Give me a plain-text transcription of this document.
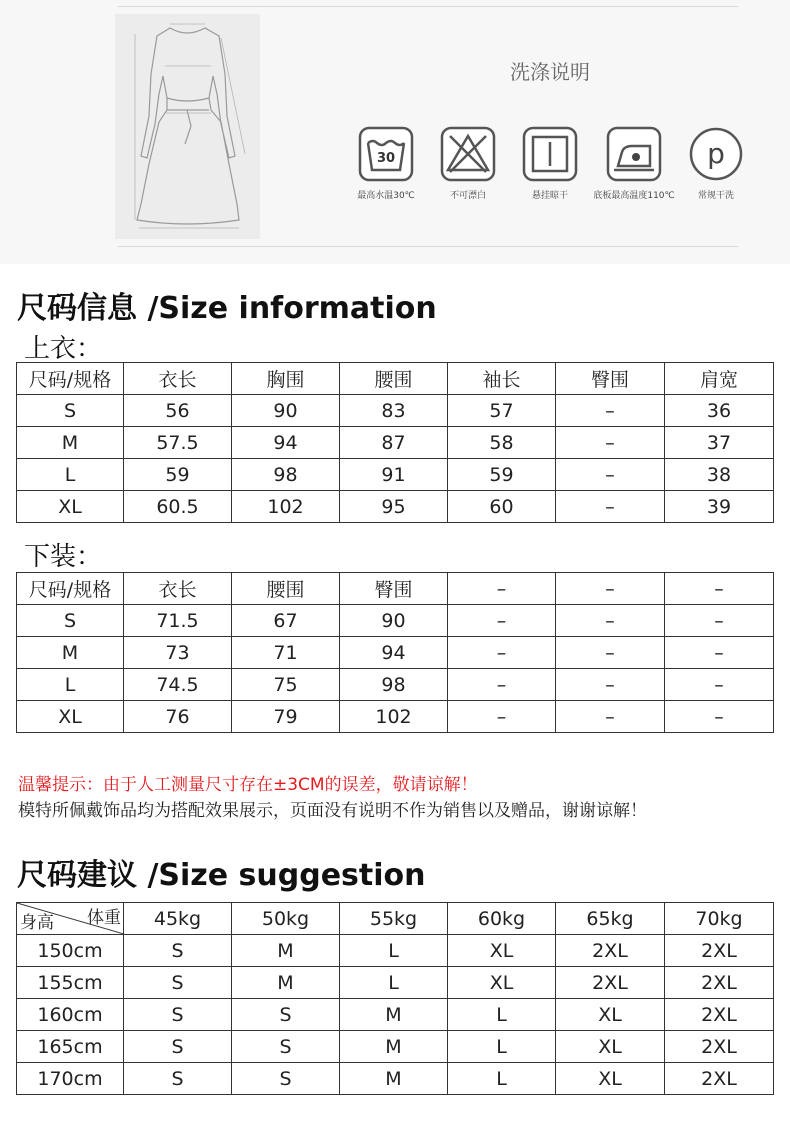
洗涤说明
30	p
最高水温30℃	不可漂白	悬挂晾干	底板最高温度110℃	常规干洗
尺码信息 /Size information
上衣：
尺码/规格	衣长	胸围	腰围	袖长	臀围	肩宽
S	56	90	83	57	–	36
M	57.5	94	87	58	–	37
L	59	98	91	59	–	38
XL	60.5	102	95	60	–	39
下装：
尺码/规格	衣长	腰围	臀围	–	–	–
S	71.5	67	90	–	–	–
M	73	71	94	–	–	–
L	74.5	75	98	–	–	–
XL	76	79	102	–	–	–
温馨提示：由于人工测量尺寸存在±3CM的误差，敬请谅解！
模特所佩戴饰品均为搭配效果展示，页面没有说明不作为销售以及赠品，谢谢谅解！
尺码建议 /Size suggestion
体重
身高	45kg	50kg	55kg	60kg	65kg	70kg
150cm	S	M	L	XL	2XL	2XL
155cm	S	M	L	XL	2XL	2XL
160cm	S	S	M	L	XL	2XL
165cm	S	S	M	L	XL	2XL
170cm	S	S	M	L	XL	2XL
